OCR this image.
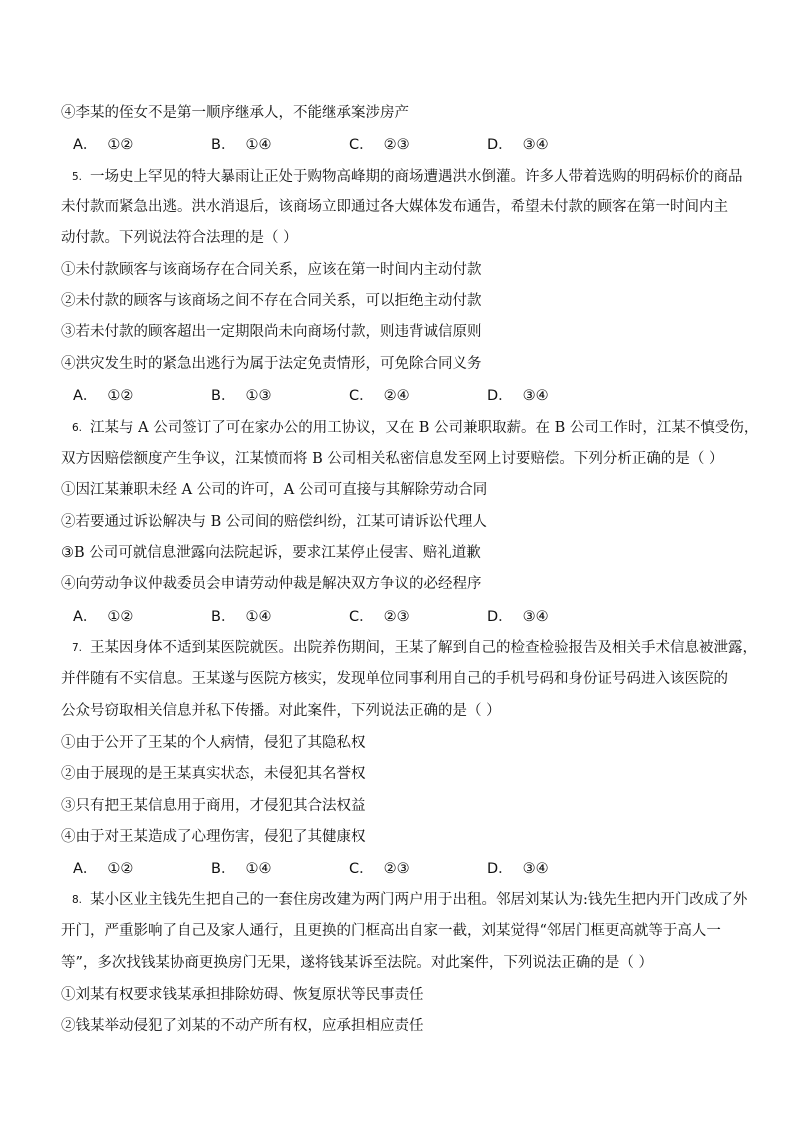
④李某的侄女不是第一顺序继承人，不能继承案涉房产
A． ①②	B． ①④	C． ②③	D． ③④
5. 一场史上罕见的特大暴雨让正处于购物高峰期的商场遭遇洪水倒灌。许多人带着选购的明码标价的商品
未付款而紧急出逃。洪水消退后，该商场立即通过各大媒体发布通告，希望未付款的顾客在第一时间内主
动付款。下列说法符合法理的是（ ）
①未付款顾客与该商场存在合同关系，应该在第一时间内主动付款
②未付款的顾客与该商场之间不存在合同关系，可以拒绝主动付款
③若未付款的顾客超出一定期限尚未向商场付款，则违背诚信原则
④洪灾发生时的紧急出逃行为属于法定免责情形，可免除合同义务
A． ①②	B． ①③	C． ②④	D． ③④
6. 江某与 A 公司签订了可在家办公的用工协议，又在 B 公司兼职取薪。在 B 公司工作时，江某不慎受伤，
双方因赔偿额度产生争议，江某愤而将 B 公司相关私密信息发至网上讨要赔偿。下列分析正确的是（ ）
①因江某兼职未经 A 公司的许可，A 公司可直接与其解除劳动合同
②若要通过诉讼解决与 B 公司间的赔偿纠纷，江某可请诉讼代理人
③B 公司可就信息泄露向法院起诉，要求江某停止侵害、赔礼道歉
④向劳动争议仲裁委员会申请劳动仲裁是解决双方争议的必经程序
A． ①②	B． ①④	C． ②③	D． ③④
7. 王某因身体不适到某医院就医。出院养伤期间，王某了解到自己的检查检验报告及相关手术信息被泄露，
并伴随有不实信息。王某遂与医院方核实，发现单位同事利用自己的手机号码和身份证号码进入该医院的
公众号窃取相关信息并私下传播。对此案件，下列说法正确的是（ ）
①由于公开了王某的个人病情，侵犯了其隐私权
②由于展现的是王某真实状态，未侵犯其名誉权
③只有把王某信息用于商用，才侵犯其合法权益
④由于对王某造成了心理伤害，侵犯了其健康权
A． ①②	B． ①④	C． ②③	D． ③④
8. 某小区业主钱先生把自己的一套住房改建为两门两户用于出租。邻居刘某认为:钱先生把内开门改成了外
开门，严重影响了自己及家人通行，且更换的门框高出自家一截，刘某觉得“邻居门框更高就等于高人一
等”，多次找钱某协商更换房门无果，遂将钱某诉至法院。对此案件，下列说法正确的是（ ）
①刘某有权要求钱某承担排除妨碍、恢复原状等民事责任
②钱某举动侵犯了刘某的不动产所有权，应承担相应责任
